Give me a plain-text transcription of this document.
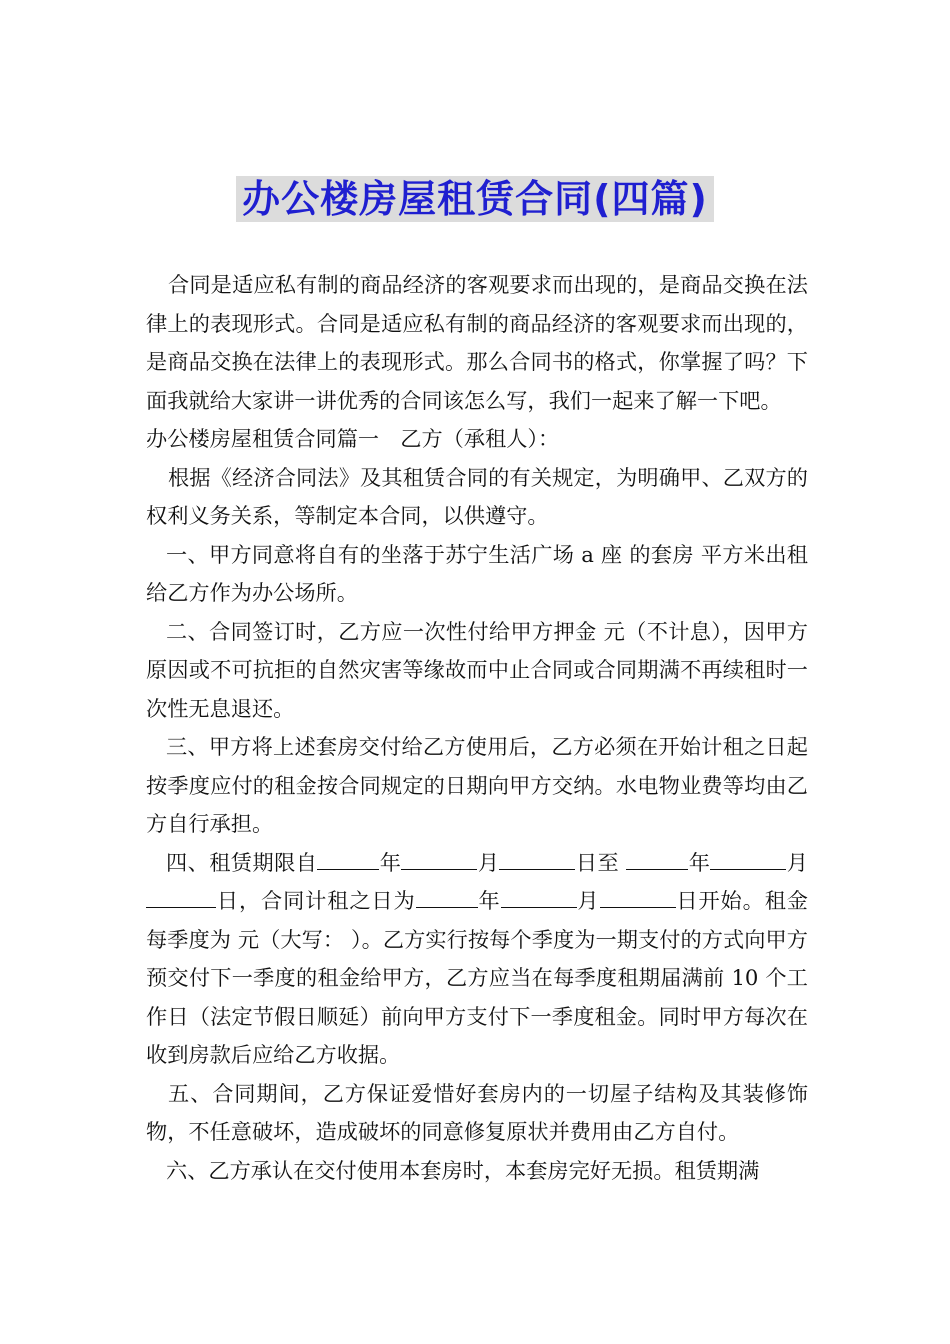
办公楼房屋租赁合同(四篇)

合同是适应私有制的商品经济的客观要求而出现的，是商品交换在法律上的表现形式。合同是适应私有制的商品经济的客观要求而出现的，是商品交换在法律上的表现形式。那么合同书的格式，你掌握了吗？下面我就给大家讲一讲优秀的合同该怎么写，我们一起来了解一下吧。

办公楼房屋租赁合同篇一　乙方（承租人）：

根据《经济合同法》及其租赁合同的有关规定，为明确甲、乙双方的权利义务关系，等制定本合同，以供遵守。

一、甲方同意将自有的坐落于苏宁生活广场 a 座 的套房 平方米出租给乙方作为办公场所。

二、合同签订时，乙方应一次性付给甲方押金 元（不计息），因甲方原因或不可抗拒的自然灾害等缘故而中止合同或合同期满不再续租时一次性无息退还。

三、甲方将上述套房交付给乙方使用后，乙方必须在开始计租之日起按季度应付的租金按合同规定的日期向甲方交纳。水电物业费等均由乙方自行承担。

四、租赁期限自	年	月	日至	年	月日，合同计租之日为	年	月	日开始。租金每季度为 元（大写： ）。乙方实行按每个季度为一期支付的方式向甲方预交付下一季度的租金给甲方，乙方应当在每季度租期届满前 10 个工作日（法定节假日顺延）前向甲方支付下一季度租金。同时甲方每次在收到房款后应给乙方收据。

五、合同期间，乙方保证爱惜好套房内的一切屋子结构及其装修饰物，不任意破坏，造成破坏的同意修复原状并费用由乙方自付。

六、乙方承认在交付使用本套房时，本套房完好无损。租赁期满
